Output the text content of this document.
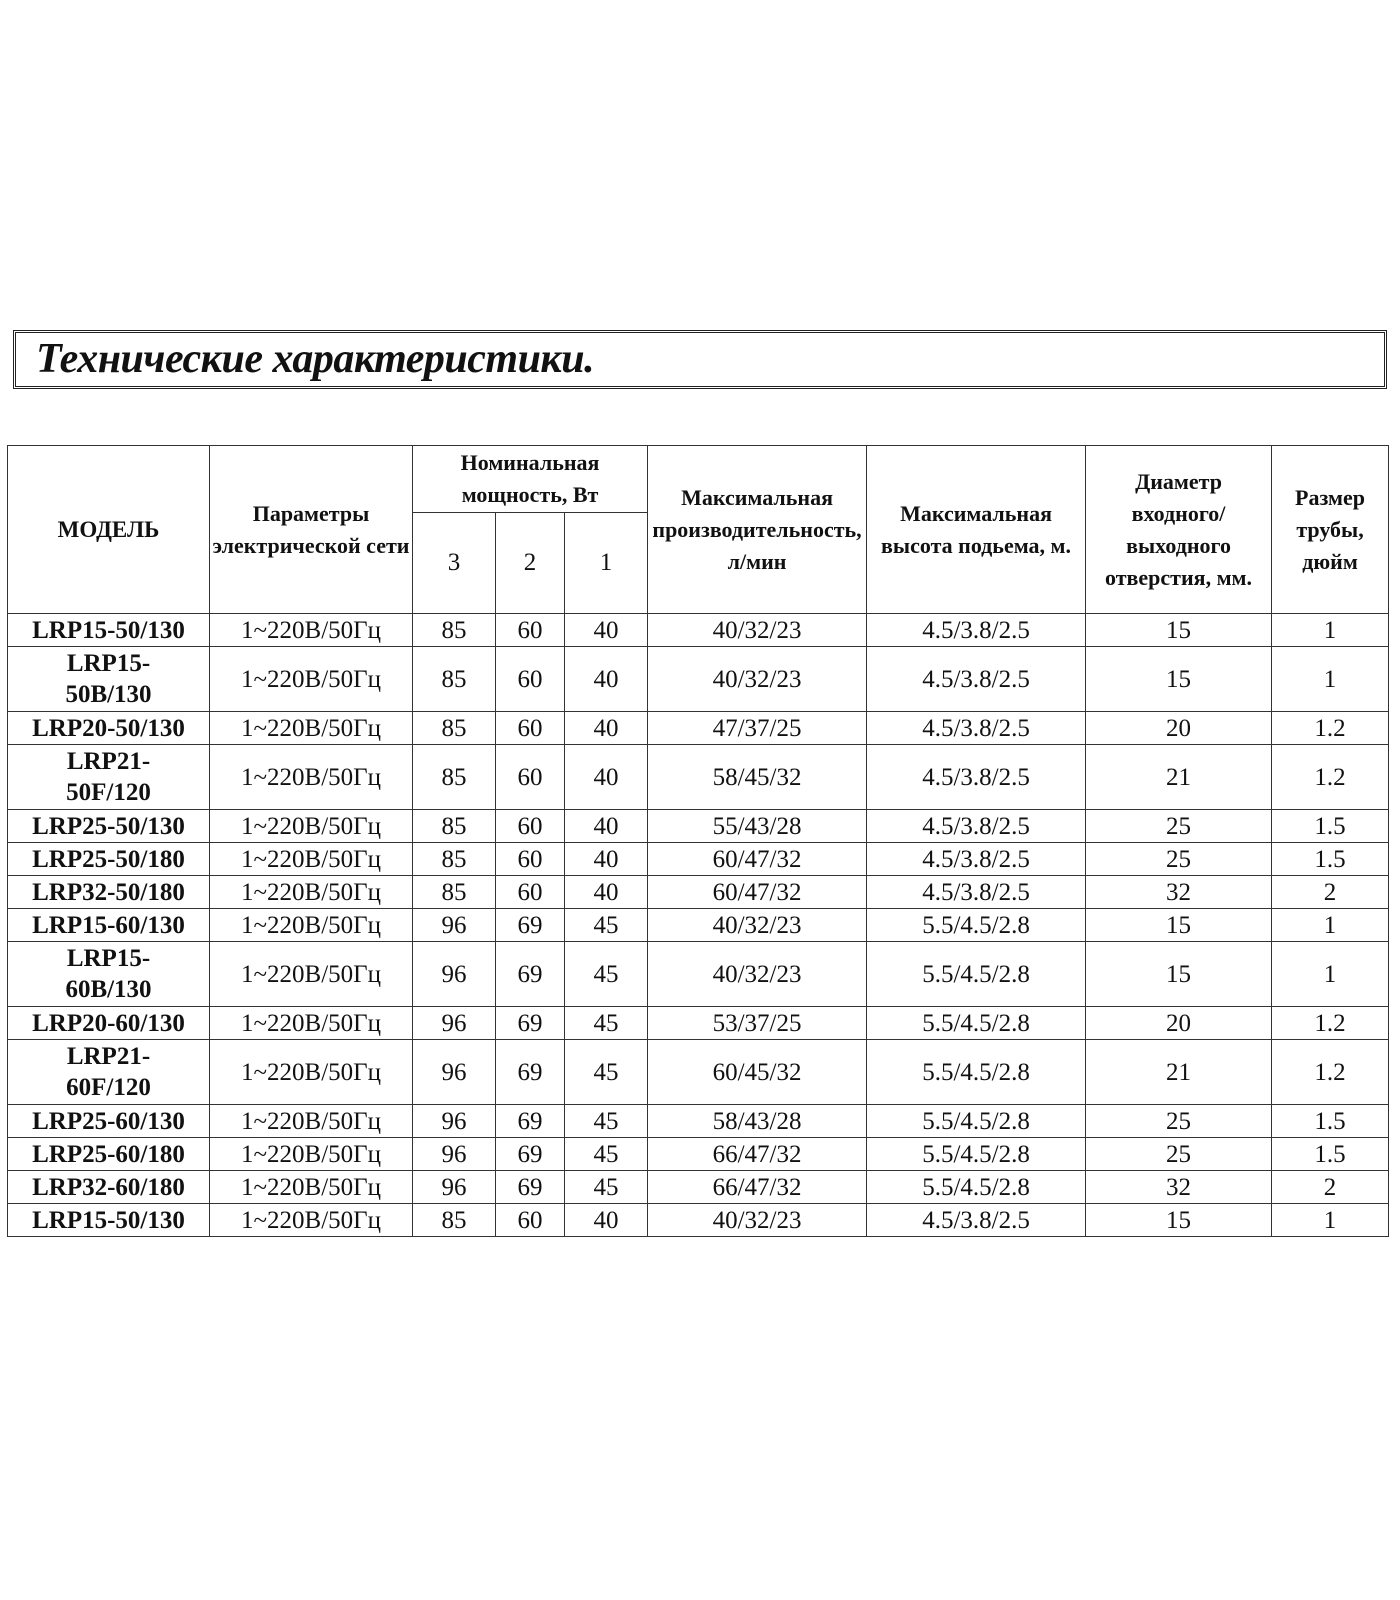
Технические характеристики.
МОДЕЛЬ	Параметры электрической сети	Номинальная мощность, Вт			Максимальная производительность, л/мин	Максимальная высота подьема, м.	Диаметр входного/выходного отверстия, мм.	Размер трубы, дюйм
		3	2	1				
LRP15-50/130	1~220В/50Гц	85	60	40	40/32/23	4.5/3.8/2.5	15	1
LRP15-50B/130	1~220В/50Гц	85	60	40	40/32/23	4.5/3.8/2.5	15	1
LRP20-50/130	1~220В/50Гц	85	60	40	47/37/25	4.5/3.8/2.5	20	1.2
LRP21-50F/120	1~220В/50Гц	85	60	40	58/45/32	4.5/3.8/2.5	21	1.2
LRP25-50/130	1~220В/50Гц	85	60	40	55/43/28	4.5/3.8/2.5	25	1.5
LRP25-50/180	1~220В/50Гц	85	60	40	60/47/32	4.5/3.8/2.5	25	1.5
LRP32-50/180	1~220В/50Гц	85	60	40	60/47/32	4.5/3.8/2.5	32	2
LRP15-60/130	1~220В/50Гц	96	69	45	40/32/23	5.5/4.5/2.8	15	1
LRP15-60B/130	1~220В/50Гц	96	69	45	40/32/23	5.5/4.5/2.8	15	1
LRP20-60/130	1~220В/50Гц	96	69	45	53/37/25	5.5/4.5/2.8	20	1.2
LRP21-60F/120	1~220В/50Гц	96	69	45	60/45/32	5.5/4.5/2.8	21	1.2
LRP25-60/130	1~220В/50Гц	96	69	45	58/43/28	5.5/4.5/2.8	25	1.5
LRP25-60/180	1~220В/50Гц	96	69	45	66/47/32	5.5/4.5/2.8	25	1.5
LRP32-60/180	1~220В/50Гц	96	69	45	66/47/32	5.5/4.5/2.8	32	2
LRP15-50/130	1~220В/50Гц	85	60	40	40/32/23	4.5/3.8/2.5	15	1
